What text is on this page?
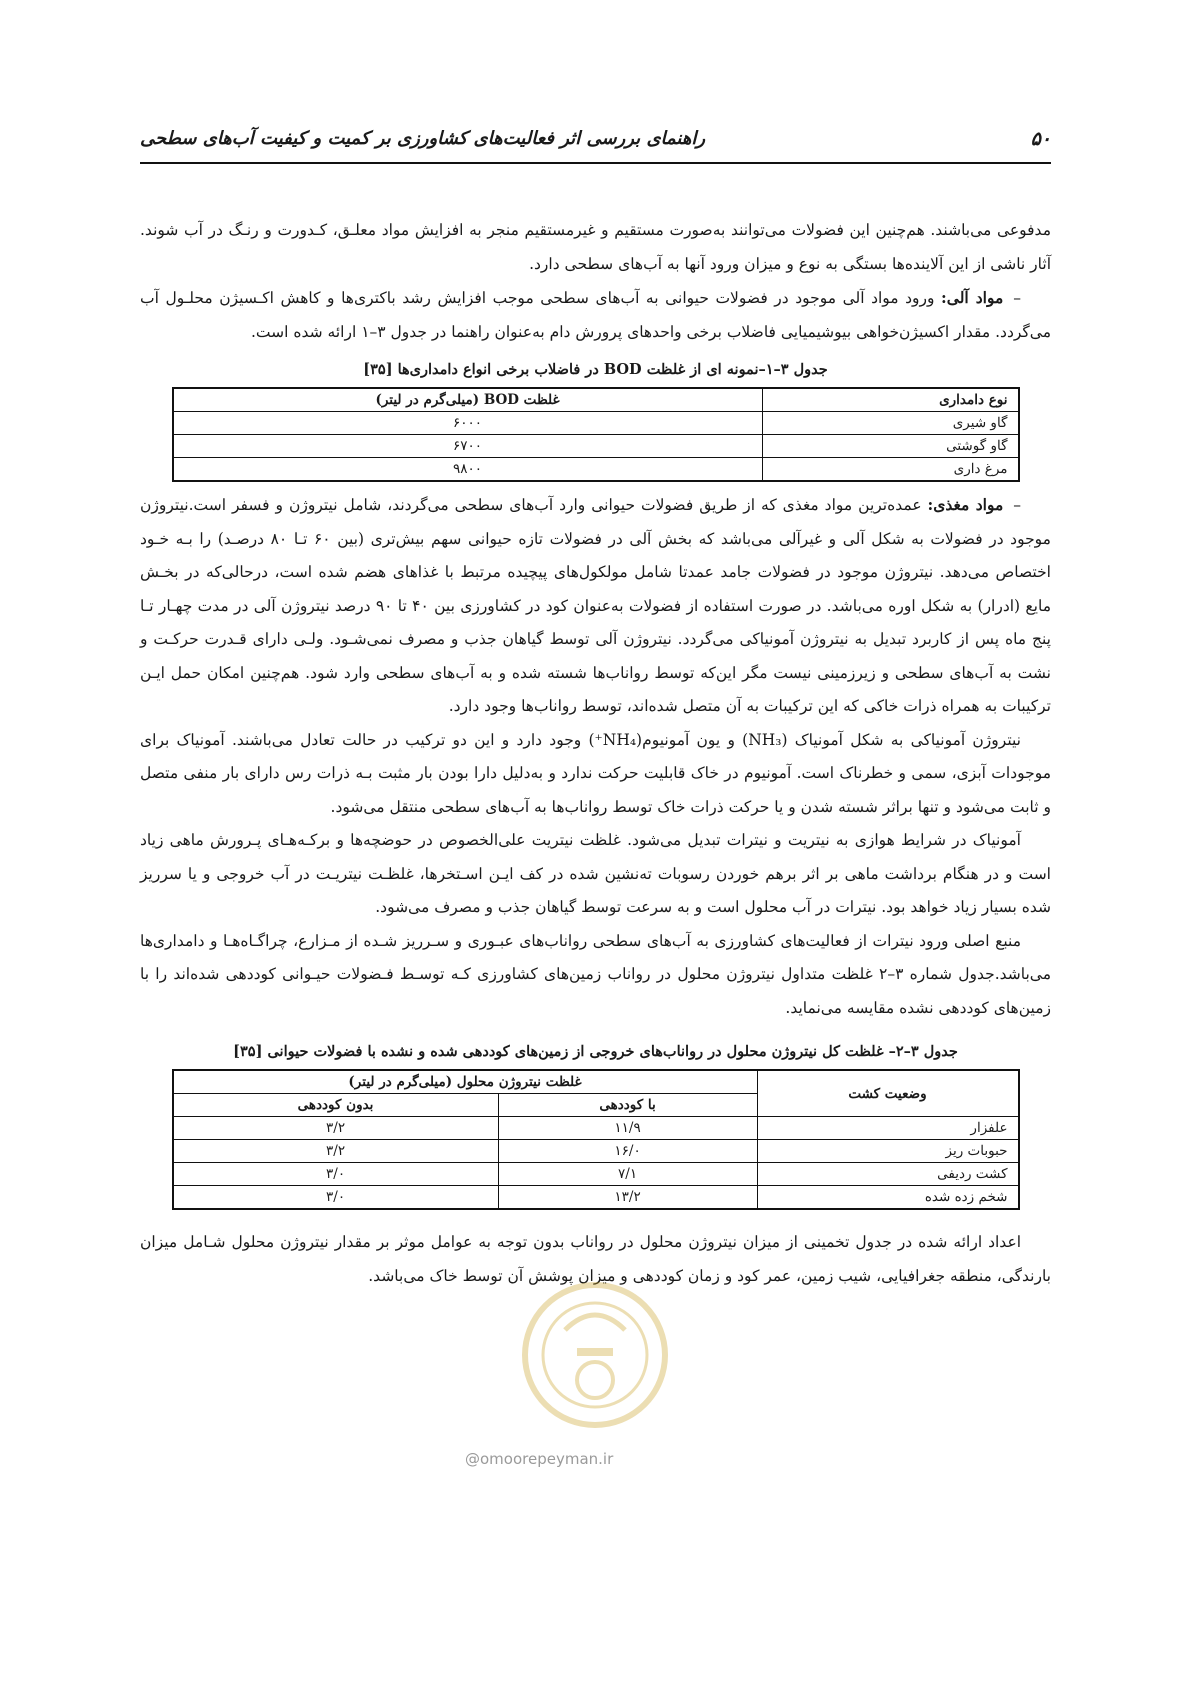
۵۰
راهنمای بررسی اثر فعالیت‌های کشاورزی بر کمیت و کیفیت آب‌های سطحی

مدفوعی می‌باشند. هم‌چنین این فضولات می‌توانند به‌صورت مستقیم و غیرمستقیم منجر به افزایش مواد معلـق، کـدورت و رنـگ در آب شوند. آثار ناشی از این آلاینده‌ها بستگی به نوع و میزان ورود آنها به آب‌های سطحی دارد.

–مواد آلی: ورود مواد آلی موجود در فضولات حیوانی به آب‌های سطحی موجب افزایش رشد باکتری‌ها و کاهش اکـسیژن محلـول آب می‌گردد. مقدار اکسیژن‌خواهی بیوشیمیایی فاضلاب برخی واحدهای پرورش دام به‌عنوان راهنما در جدول ۳–۱ ارائه شده است.

جدول ۳–۱–نمونه ای از غلظت BOD در فاضلاب برخی انواع دامداری‌ها [۳۵]
نوع دامداری	غلظت BOD (میلی‌گرم در لیتر)
گاو شیری	۶۰۰۰
گاو گوشتی	۶۷۰۰
مرغ داری	۹۸۰۰

–مواد مغذی: عمده‌ترین مواد مغذی که از طریق فضولات حیوانی وارد آب‌های سطحی می‌گردند، شامل نیتروژن و فسفر است.نیتروژن موجود در فضولات به شکل آلی و غیرآلی می‌باشد که بخش آلی در فضولات تازه حیوانی سهم بیش‌تری (بین ۶۰ تـا ۸۰ درصـد) را بـه خـود اختصاص می‌دهد. نیتروژن موجود در فضولات جامد عمدتا شامل مولکول‌های پیچیده مرتبط با غذاهای هضم شده است، درحالی‌که در بخـش مایع (ادرار) به شکل اوره می‌باشد. در صورت استفاده از فضولات به‌عنوان کود در کشاورزی بین ۴۰ تا ۹۰ درصد نیتروژن آلی در مدت چهـار تـا پنج ماه پس از کاربرد تبدیل به نیتروژن آمونیاکی می‌گردد. نیتروژن آلی توسط گیاهان جذب و مصرف نمی‌شـود. ولـی دارای قـدرت حرکـت و نشت به آب‌های سطحی و زیرزمینی نیست مگر این‌که توسط رواناب‌ها شسته شده و به آب‌های سطحی وارد شود. هم‌چنین امکان حمل ایـن ترکیبات به همراه ذرات خاکی که این ترکیبات به آن متصل شده‌اند، توسط رواناب‌ها وجود دارد.

نیتروژن آمونیاکی به شکل آمونیاک (NH₃) و یون آمونیوم(NH₄⁺) وجود دارد و این دو ترکیب در حالت تعادل می‌باشند. آمونیاک برای موجودات آبزی، سمی و خطرناک است. آمونیوم در خاک قابلیت حرکت ندارد و به‌دلیل دارا بودن بار مثبت بـه ذرات رس دارای بار منفی متصل و ثابت می‌شود و تنها براثر شسته شدن و یا حرکت ذرات خاک توسط رواناب‌ها به آب‌های سطحی منتقل می‌شود.

آمونیاک در شرایط هوازی به نیتریت و نیترات تبدیل می‌شود. غلظت نیتریت علی‌الخصوص در حوضچه‌ها و برکـه‌هـای پـرورش ماهی زیاد است و در هنگام برداشت ماهی بر اثر برهم خوردن رسوبات ته‌نشین شده در کف ایـن اسـتخرها، غلظـت نیتریـت در آب خروجی و یا سرریز شده بسیار زیاد خواهد بود. نیترات در آب محلول است و به سرعت توسط گیاهان جذب و مصرف می‌شود.

منبع اصلی ورود نیترات از فعالیت‌های کشاورزی به آب‌های سطحی رواناب‌های عبـوری و سـرریز شـده از مـزارع، چراگـاه‌هـا و دامداری‌ها می‌باشد.جدول شماره ۳–۲ غلظت متداول نیتروژن محلول در رواناب زمین‌های کشاورزی کـه توسـط فـضولات حیـوانی کوددهی شده‌اند را با زمین‌های کوددهی نشده مقایسه می‌نماید.

جدول ۳–۲– غلظت کل نیتروژن محلول در رواناب‌های خروجی از زمین‌های کوددهی شده و نشده با فضولات حیوانی [۳۵]
وضعیت کشت	غلظت نیتروژن محلول (میلی‌گرم در لیتر)	
	با کوددهی	بدون کوددهی
علفزار	۱۱/۹	۳/۲
حبوبات ریز	۱۶/۰	۳/۲
کشت ردیفی	۷/۱	۳/۰
شخم زده شده	۱۳/۲	۳/۰

اعداد ارائه شده در جدول تخمینی از میزان نیتروژن محلول در رواناب بدون توجه به عوامل موثر بر مقدار نیتروژن محلول شـامل میزان بارندگی، منطقه جغرافیایی، شیب زمین، عمر کود و زمان کوددهی و میزان پوشش آن توسط خاک می‌باشد.

@omoorepeyman.ir
